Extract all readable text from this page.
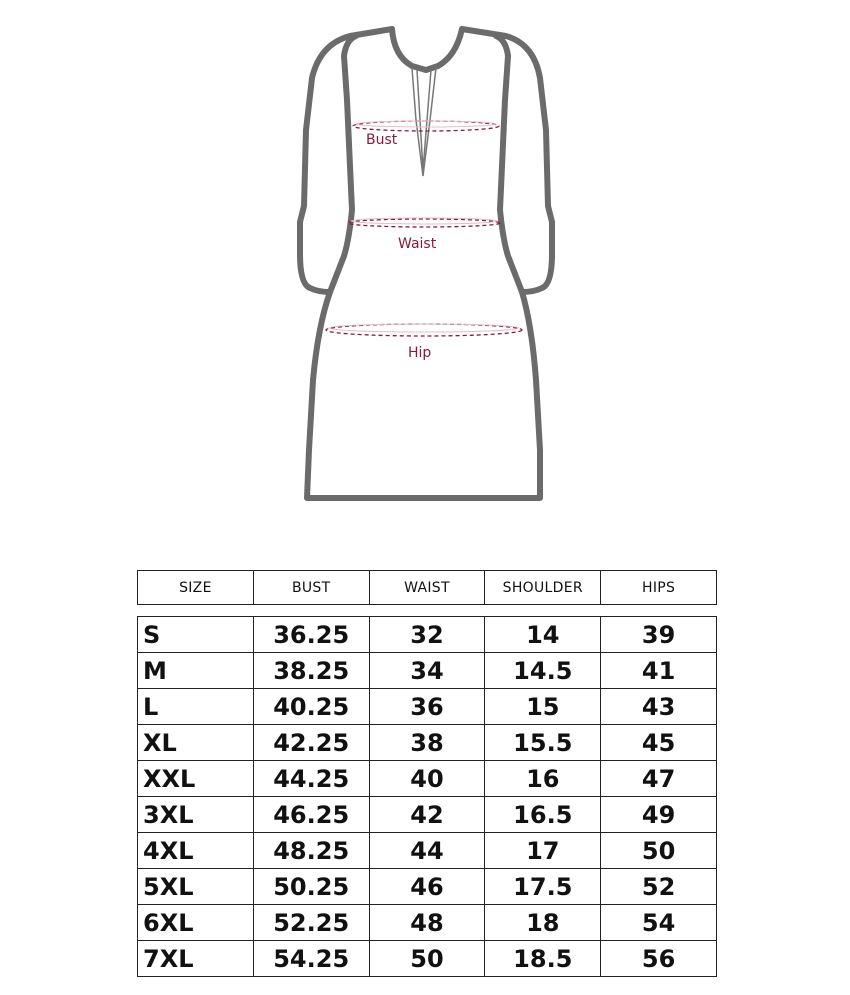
Bust
Waist
Hip
SIZE	BUST	WAIST	SHOULDER	HIPS
S	36.25	32	14	39
M	38.25	34	14.5	41
L	40.25	36	15	43
XL	42.25	38	15.5	45
XXL	44.25	40	16	47
3XL	46.25	42	16.5	49
4XL	48.25	44	17	50
5XL	50.25	46	17.5	52
6XL	52.25	48	18	54
7XL	54.25	50	18.5	56
